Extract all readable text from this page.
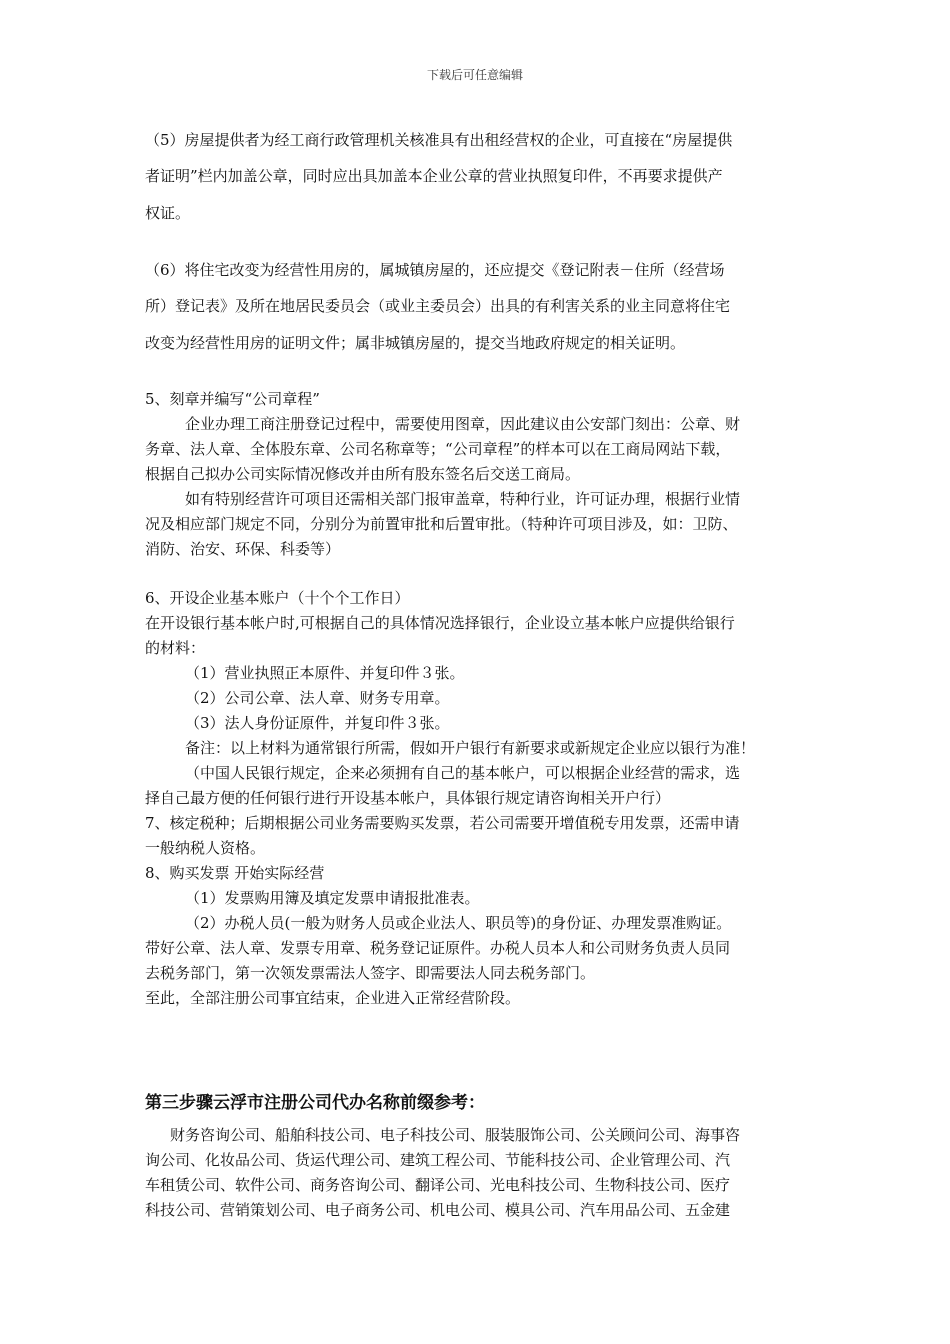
下载后可任意编辑
（5）房屋提供者为经工商行政管理机关核准具有出租经营权的企业，可直接在“房屋提供
者证明”栏内加盖公章，同时应出具加盖本企业公章的营业执照复印件，不再要求提供产
权证。
（6）将住宅改变为经营性用房的，属城镇房屋的，还应提交《登记附表－住所（经营场
所）登记表》及所在地居民委员会（或业主委员会）出具的有利害关系的业主同意将住宅
改变为经营性用房的证明文件；属非城镇房屋的，提交当地政府规定的相关证明。
5、刻章并编写“公司章程”
企业办理工商注册登记过程中，需要使用图章，因此建议由公安部门刻出：公章、财
务章、法人章、全体股东章、公司名称章等；“公司章程”的样本可以在工商局网站下载，
根据自己拟办公司实际情况修改并由所有股东签名后交送工商局。
如有特别经营许可项目还需相关部门报审盖章，特种行业，许可证办理，根据行业情
况及相应部门规定不同，分别分为前置审批和后置审批。（特种许可项目涉及，如：卫防、
消防、治安、环保、科委等）
6、开设企业基本账户（十个个工作日）
在开设银行基本帐户时,可根据自己的具体情况选择银行，企业设立基本帐户应提供给银行
的材料：
（1）营业执照正本原件、并复印件３张。
（2）公司公章、法人章、财务专用章。
（3）法人身份证原件，并复印件３张。
备注：以上材料为通常银行所需，假如开户银行有新要求或新规定企业应以银行为准！
（中国人民银行规定，企来必须拥有自己的基本帐户，可以根据企业经营的需求，选
择自己最方便的任何银行进行开设基本帐户，具体银行规定请咨询相关开户行）
7、核定税种；后期根据公司业务需要购买发票，若公司需要开增值税专用发票，还需申请
一般纳税人资格。
8、购买发票 开始实际经营
（1）发票购用簿及填定发票申请报批准表。
（2）办税人员(一般为财务人员或企业法人、职员等)的身份证、办理发票准购证。
带好公章、法人章、发票专用章、税务登记证原件。办税人员本人和公司财务负责人员同
去税务部门，第一次领发票需法人签字、即需要法人同去税务部门。
至此，全部注册公司事宜结束，企业进入正常经营阶段。
第三步骤云浮市注册公司代办名称前缀参考：
财务咨询公司、船舶科技公司、电子科技公司、服装服饰公司、公关顾问公司、海事咨
询公司、化妆品公司、货运代理公司、建筑工程公司、节能科技公司、企业管理公司、汽
车租赁公司、软件公司、商务咨询公司、翻译公司、光电科技公司、生物科技公司、医疗
科技公司、营销策划公司、电子商务公司、机电公司、模具公司、汽车用品公司、五金建
